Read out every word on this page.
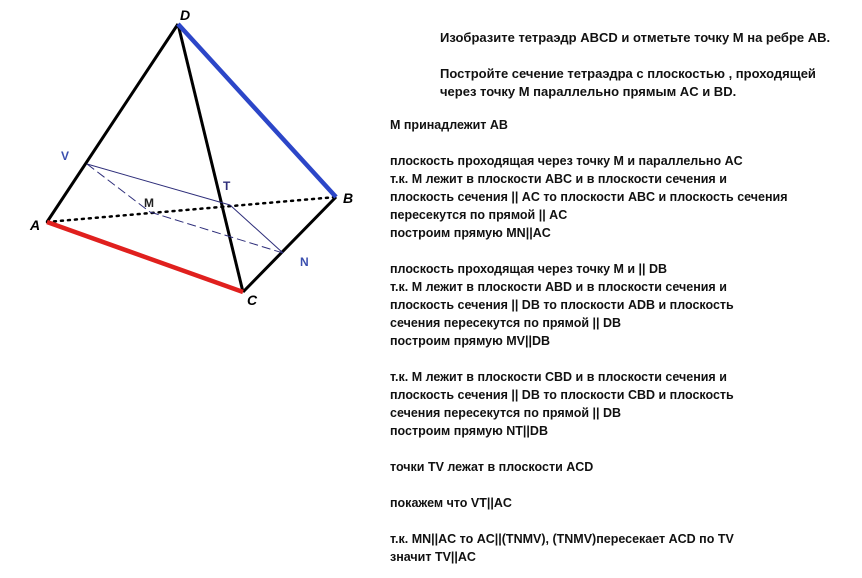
D
A
B
C
V
T
M
N
Изобразите тетраэдр ABCD и отметьте точку M на ребре AB.
Постройте сечение тетраэдра с плоскостью , проходящей
через точку M параллельно прямым AC и BD.
M принадлежит AB
плоскость проходящая через точку M и параллельно AC
т.к. M лежит в плоскости ABC и в плоскости сечения и
плоскость сечения || AC то плоскости ABC и плоскость сечения
пересекутся по прямой || AC
построим прямую MN||AC
плоскость проходящая через точку M и || DB
т.к. M лежит в плоскости ABD и в плоскости сечения и
плоскость сечения || DB то плоскости ADB и плоскость
сечения пересекутся по прямой || DB
построим прямую MV||DB
т.к. M лежит в плоскости CBD и в плоскости сечения и
плоскость сечения || DB то плоскости CBD и плоскость
сечения пересекутся по прямой || DB
построим прямую NT||DB
точки TV лежат в плоскости ACD
покажем что VT||AC
т.к. MN||AC то AC||(TNMV), (TNMV)пересекает ACD по TV
значит TV||AC
